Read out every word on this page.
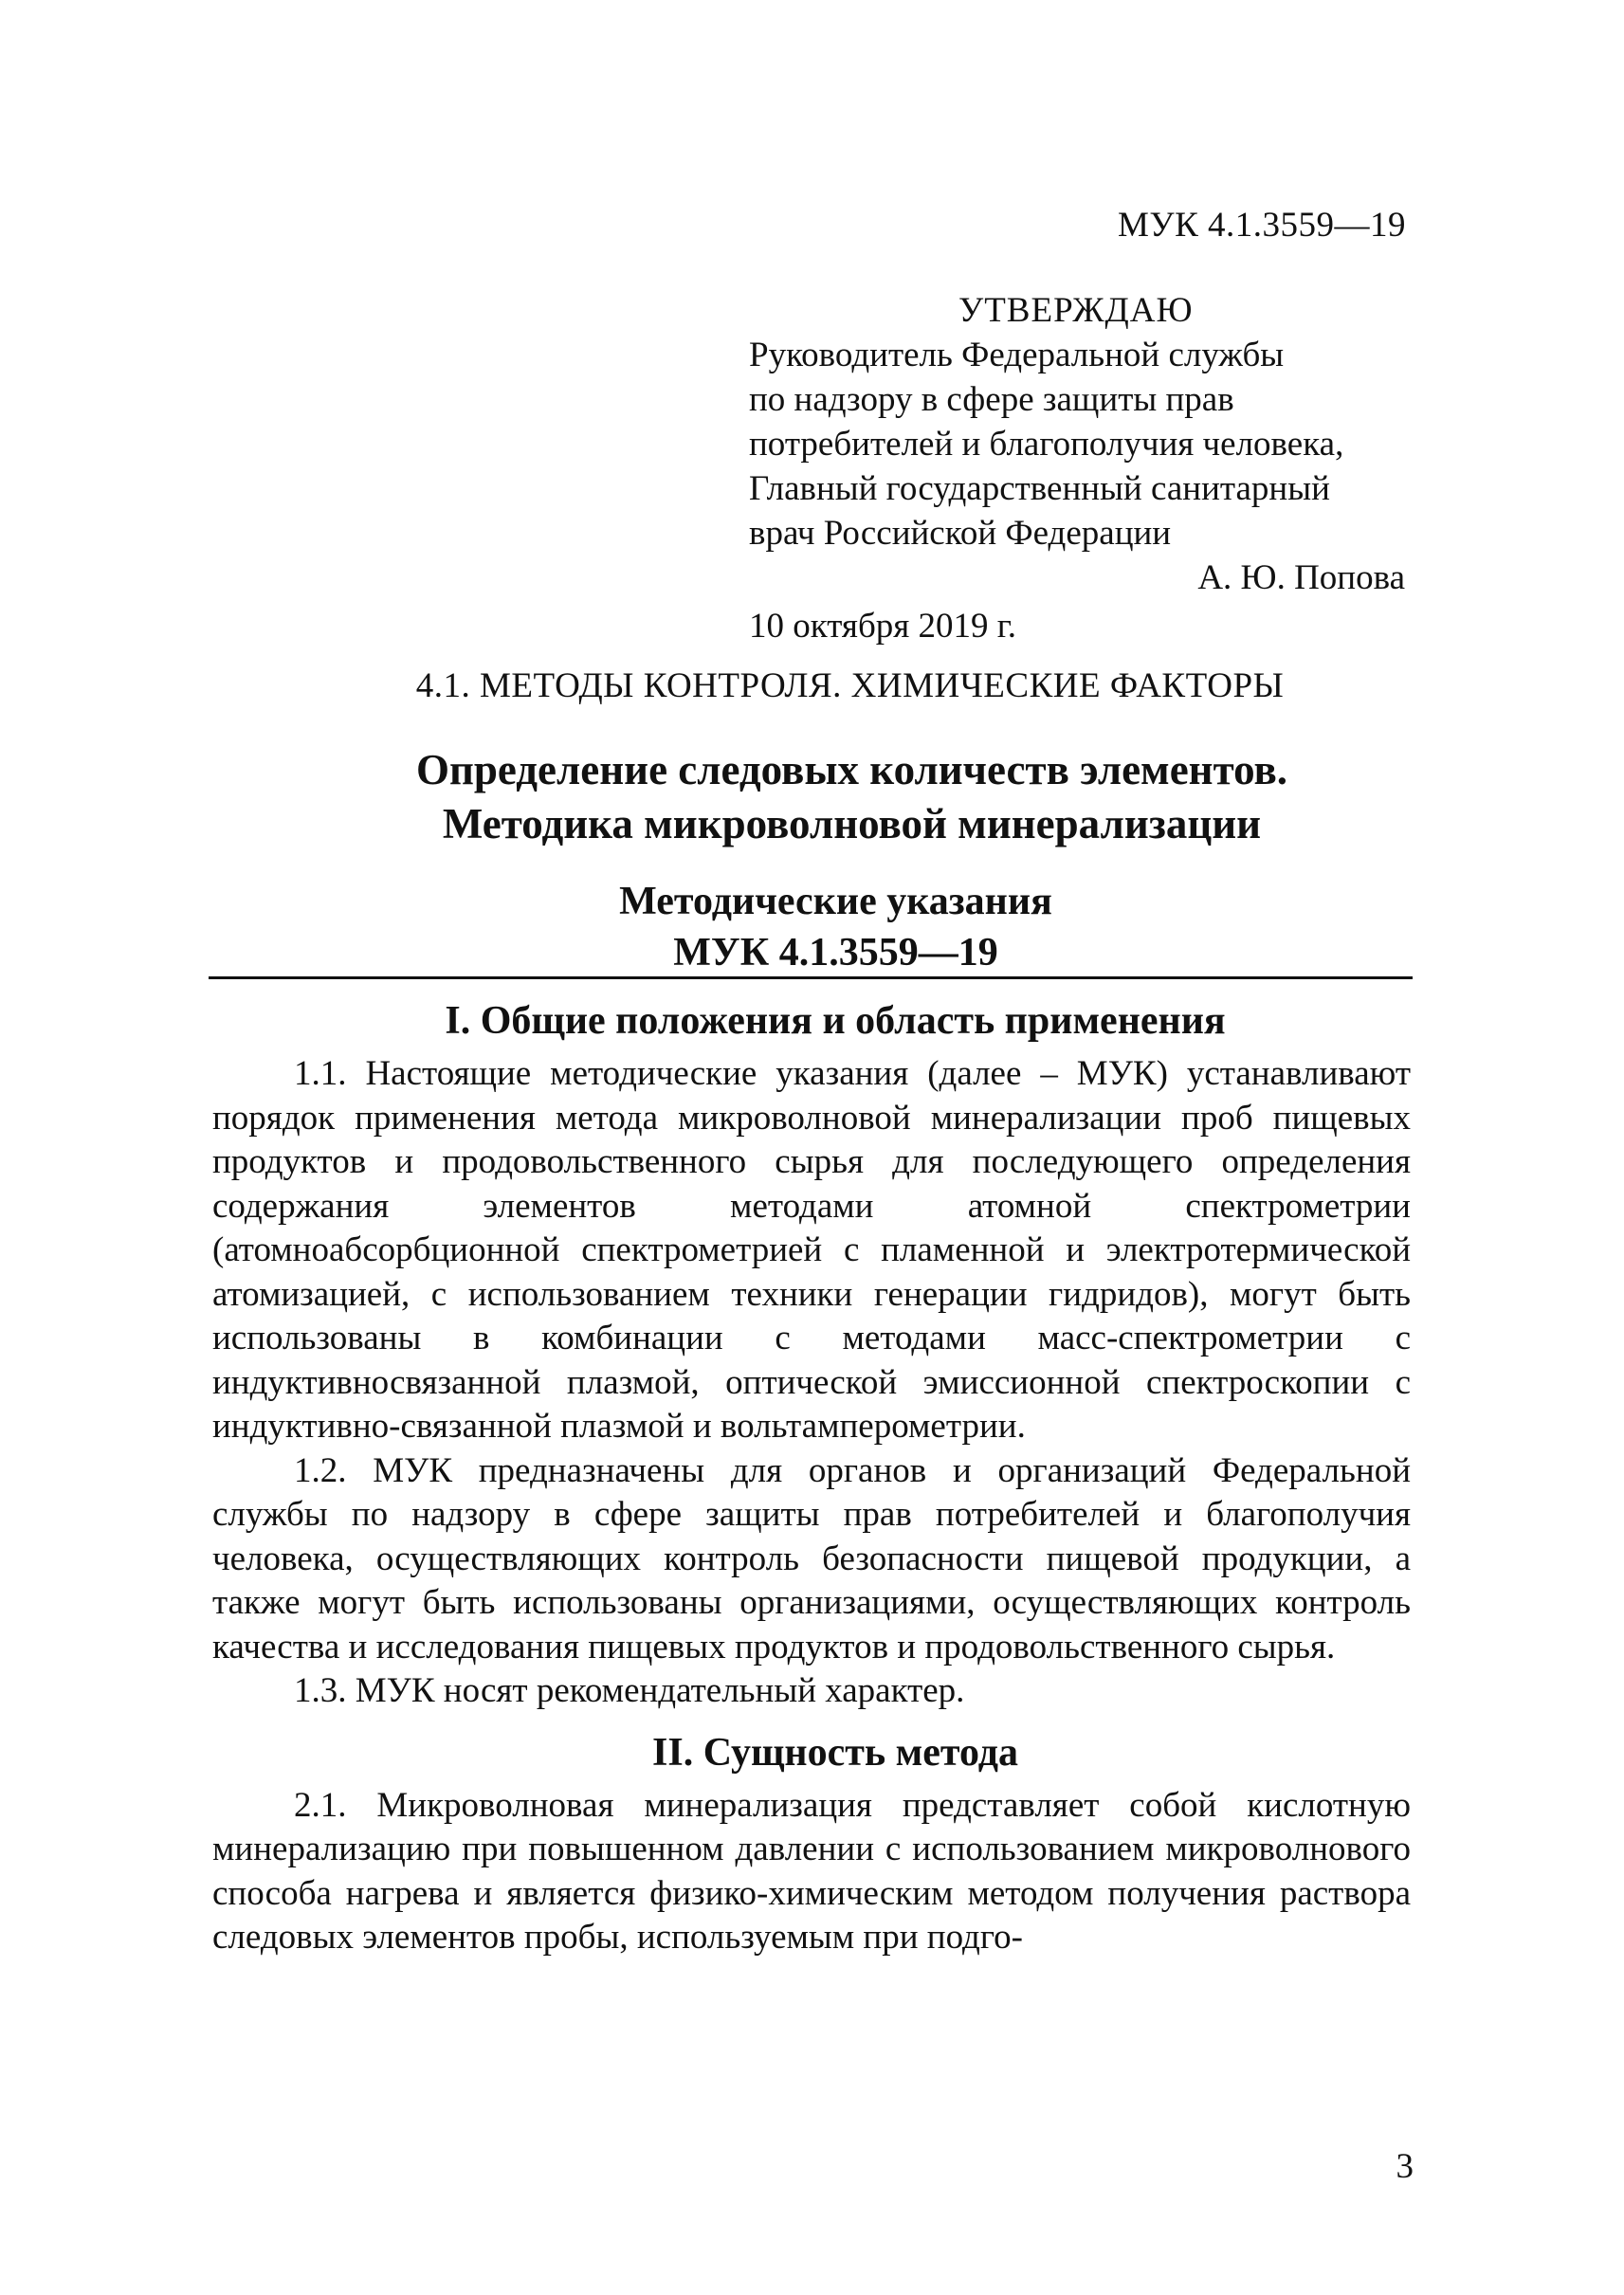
МУК 4.1.3559—19
УТВЕРЖДАЮ
Руководитель Федеральной службы
по надзору в сфере защиты прав
потребителей и благополучия человека,
Главный государственный санитарный
врач Российской Федерации
А. Ю. Попова
10 октября 2019 г.
4.1. МЕТОДЫ КОНТРОЛЯ. ХИМИЧЕСКИЕ ФАКТОРЫ
Определение следовых количеств элементов.
Методика микроволновой минерализации
Методические указания
МУК 4.1.3559—19
I. Общие положения и область применения

1.1. Настоящие методические указания (далее – МУК) устанавливают порядок применения метода микроволновой минерализации проб пищевых продуктов и продовольственного сырья для последующего определения содержания элементов методами атомной спектрометрии (атомноабсорбционной спектрометрией с пламенной и электротермической атомизацией, с использованием техники генерации гидридов), могут быть использованы в комбинации с методами масс-спектрометрии с индуктивносвязанной плазмой, оптической эмиссионной спектроскопии с индуктивно-связанной плазмой и вольтамперометрии.

1.2. МУК предназначены для органов и организаций Федеральной службы по надзору в сфере защиты прав потребителей и благополучия человека, осуществляющих контроль безопасности пищевой продукции, а также могут быть использованы организациями, осуществляющих контроль качества и исследования пищевых продуктов и продовольственного сырья.

1.3. МУК носят рекомендательный характер.

II. Сущность метода

2.1. Микроволновая минерализация представляет собой кислотную минерализацию при повышенном давлении с использованием микроволнового способа нагрева и является физико-химическим методом получения раствора следовых элементов пробы, используемым при подго-

3
